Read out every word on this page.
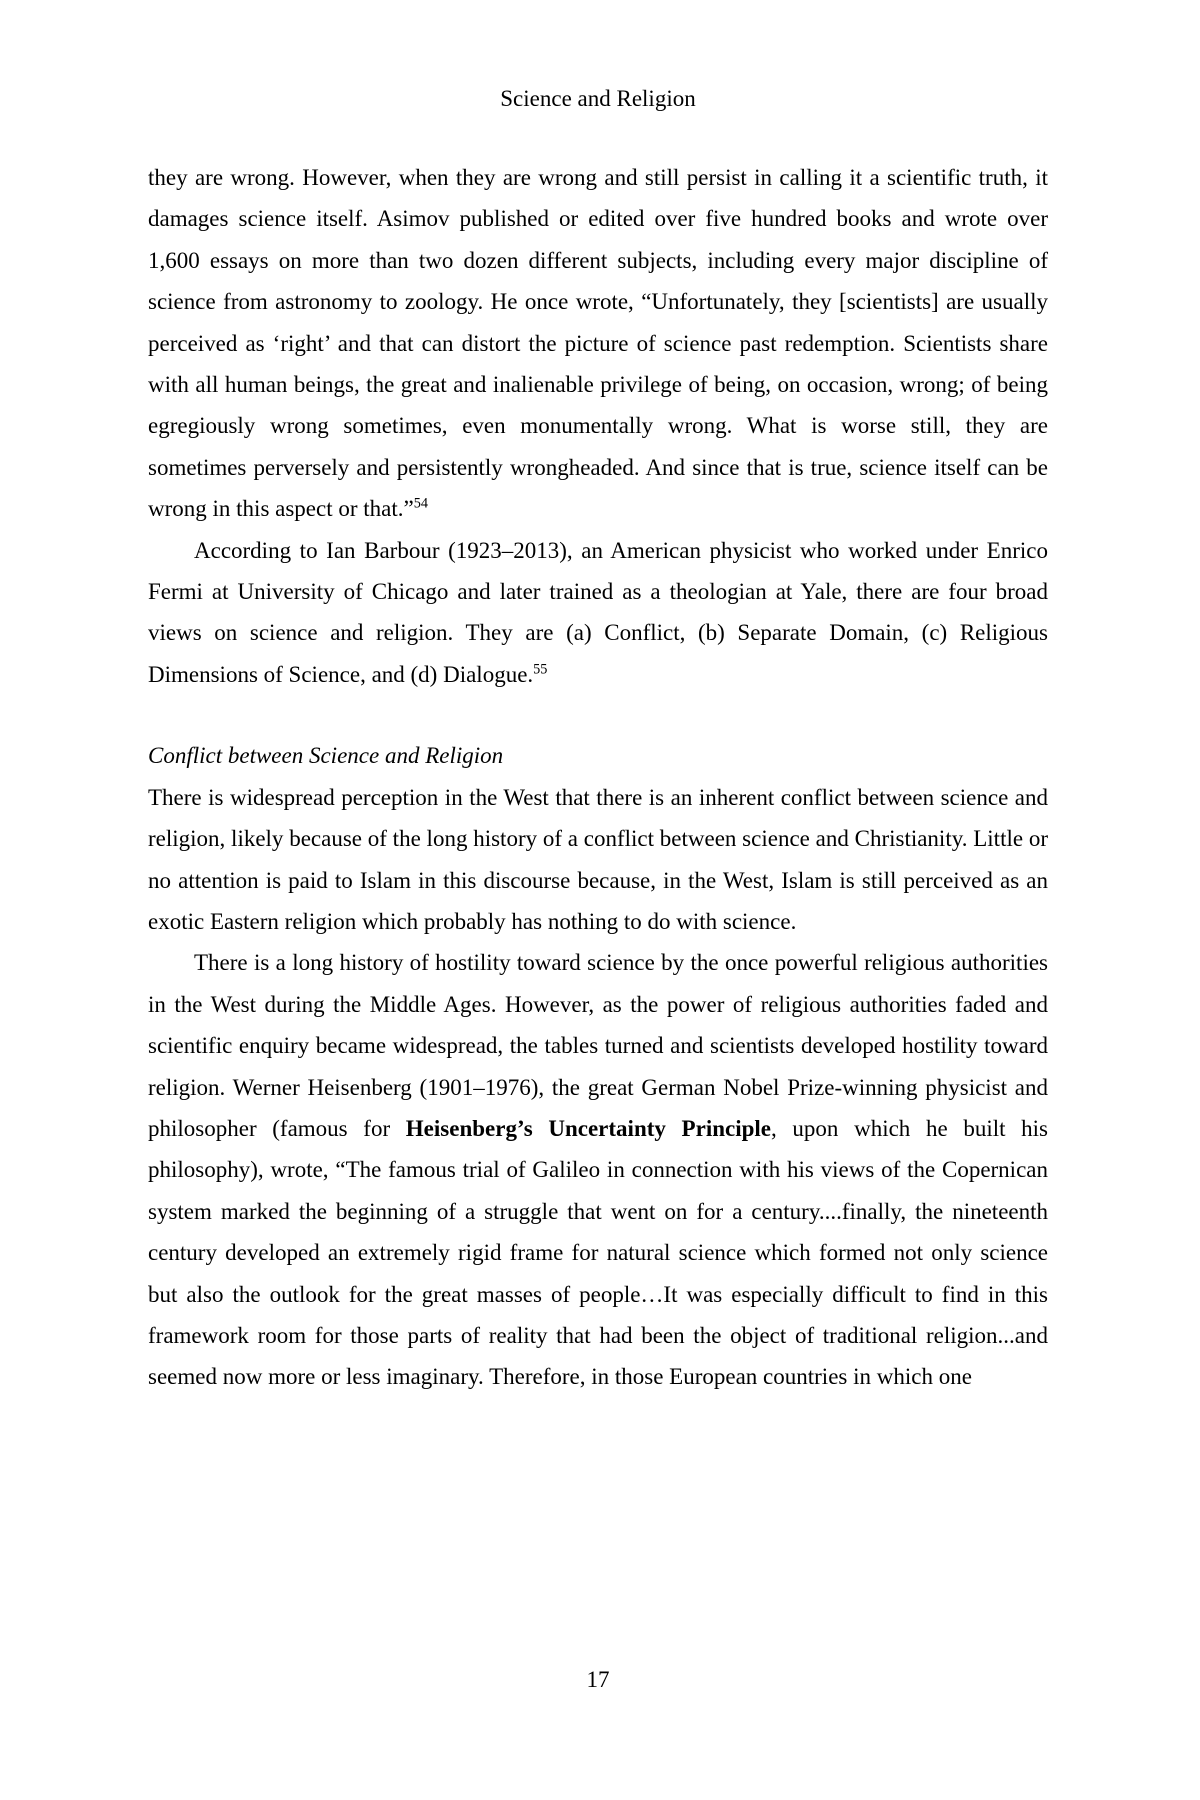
Science and Religion

they are wrong. However, when they are wrong and still persist in calling it a scientific truth, it damages science itself. Asimov published or edited over five hundred books and wrote over 1,600 essays on more than two dozen different subjects, including every major discipline of science from astronomy to zoology. He once wrote, “Unfortunately, they [scientists] are usually perceived as ‘right’ and that can distort the picture of science past redemption. Scientists share with all human beings, the great and inalienable privilege of being, on occasion, wrong; of being egregiously wrong sometimes, even monumentally wrong. What is worse still, they are sometimes perversely and persistently wrongheaded. And since that is true, science itself can be wrong in this aspect or that.”$^{54}$

According to Ian Barbour (1923–2013), an American physicist who worked under Enrico Fermi at University of Chicago and later trained as a theologian at Yale, there are four broad views on science and religion. They are (a) Conflict, (b) Separate Domain, (c) Religious Dimensions of Science, and (d) Dialogue.$^{55}$

Conflict between Science and Religion

There is widespread perception in the West that there is an inherent conflict between science and religion, likely because of the long history of a conflict between science and Christianity. Little or no attention is paid to Islam in this discourse because, in the West, Islam is still perceived as an exotic Eastern religion which probably has nothing to do with science.

There is a long history of hostility toward science by the once powerful religious authorities in the West during the Middle Ages. However, as the power of religious authorities faded and scientific enquiry became widespread, the tables turned and scientists developed hostility toward religion. Werner Heisenberg (1901–1976), the great German Nobel Prize-winning physicist and philosopher (famous for Heisenberg’s Uncertainty Principle, upon which he built his philosophy), wrote, “The famous trial of Galileo in connection with his views of the Copernican system marked the beginning of a struggle that went on for a century....finally, the nineteenth century developed an extremely rigid frame for natural science which formed not only science but also the outlook for the great masses of people…It was especially difficult to find in this framework room for those parts of reality that had been the object of traditional religion...and seemed now more or less imaginary. Therefore, in those European countries in which one

17
